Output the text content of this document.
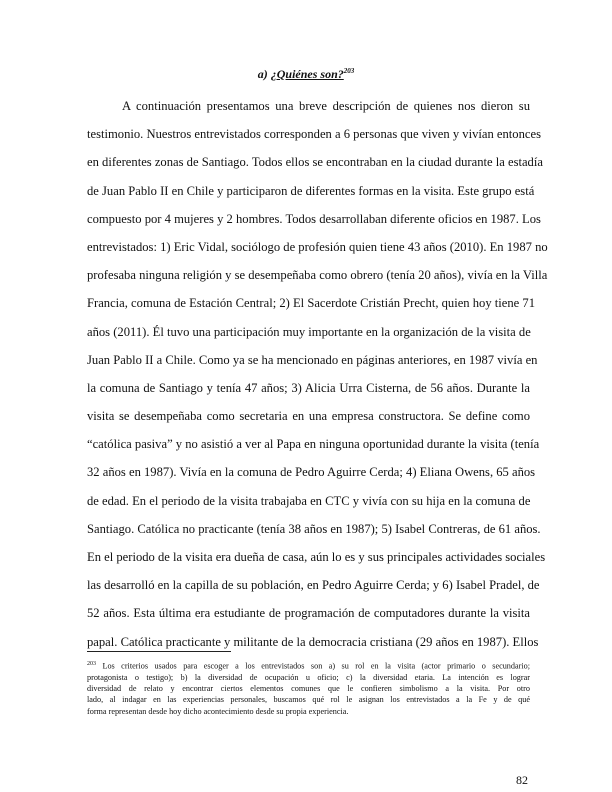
a) ¿Quiénes son?$^{203}$
A continuación presentamos una breve descripción de quienes nos dieron su
testimonio. Nuestros entrevistados corresponden a 6 personas que viven y vivían entonces
en diferentes zonas de Santiago. Todos ellos se encontraban en la ciudad durante la estadía
de Juan Pablo II en Chile y participaron de diferentes formas en la visita. Este grupo está
compuesto por 4 mujeres y 2 hombres. Todos desarrollaban diferente oficios en 1987. Los
entrevistados: 1) Eric Vidal, sociólogo de profesión quien tiene 43 años (2010). En 1987 no
profesaba ninguna religión y se desempeñaba como obrero (tenía 20 años), vivía en la Villa
Francia, comuna de Estación Central; 2) El Sacerdote Cristián Precht, quien hoy tiene 71
años (2011). Él tuvo una participación muy importante en la organización de la visita de
Juan Pablo II a Chile. Como ya se ha mencionado en páginas anteriores, en 1987 vivía en
la comuna de Santiago y tenía 47 años; 3) Alicia Urra Cisterna, de 56 años. Durante la
visita se desempeñaba como secretaria en una empresa constructora. Se define como
“católica pasiva” y no asistió a ver al Papa en ninguna oportunidad durante la visita (tenía
32 años en 1987). Vivía en la comuna de Pedro Aguirre Cerda; 4) Eliana Owens, 65 años
de edad. En el periodo de la visita trabajaba en CTC y vivía con su hija en la comuna de
Santiago. Católica no practicante (tenía 38 años en 1987); 5) Isabel Contreras, de 61 años.
En el periodo de la visita era dueña de casa, aún lo es y sus principales actividades sociales
las desarrolló en la capilla de su población, en Pedro Aguirre Cerda; y 6) Isabel Pradel, de
52 años. Esta última era estudiante de programación de computadores durante la visita
papal. Católica practicante y militante de la democracia cristiana (29 años en 1987). Ellos
$^{203}$ Los criterios usados para escoger a los entrevistados son a) su rol en la visita (actor primario o secundario;
protagonista o testigo); b) la diversidad de ocupación u oficio; c) la diversidad etaria. La intención es lograr
diversidad de relato y encontrar ciertos elementos comunes que le confieren simbolismo a la visita. Por otro
lado, al indagar en las experiencias personales, buscamos qué rol le asignan los entrevistados a la Fe y de qué
forma representan desde hoy dicho acontecimiento desde su propia experiencia.
82
